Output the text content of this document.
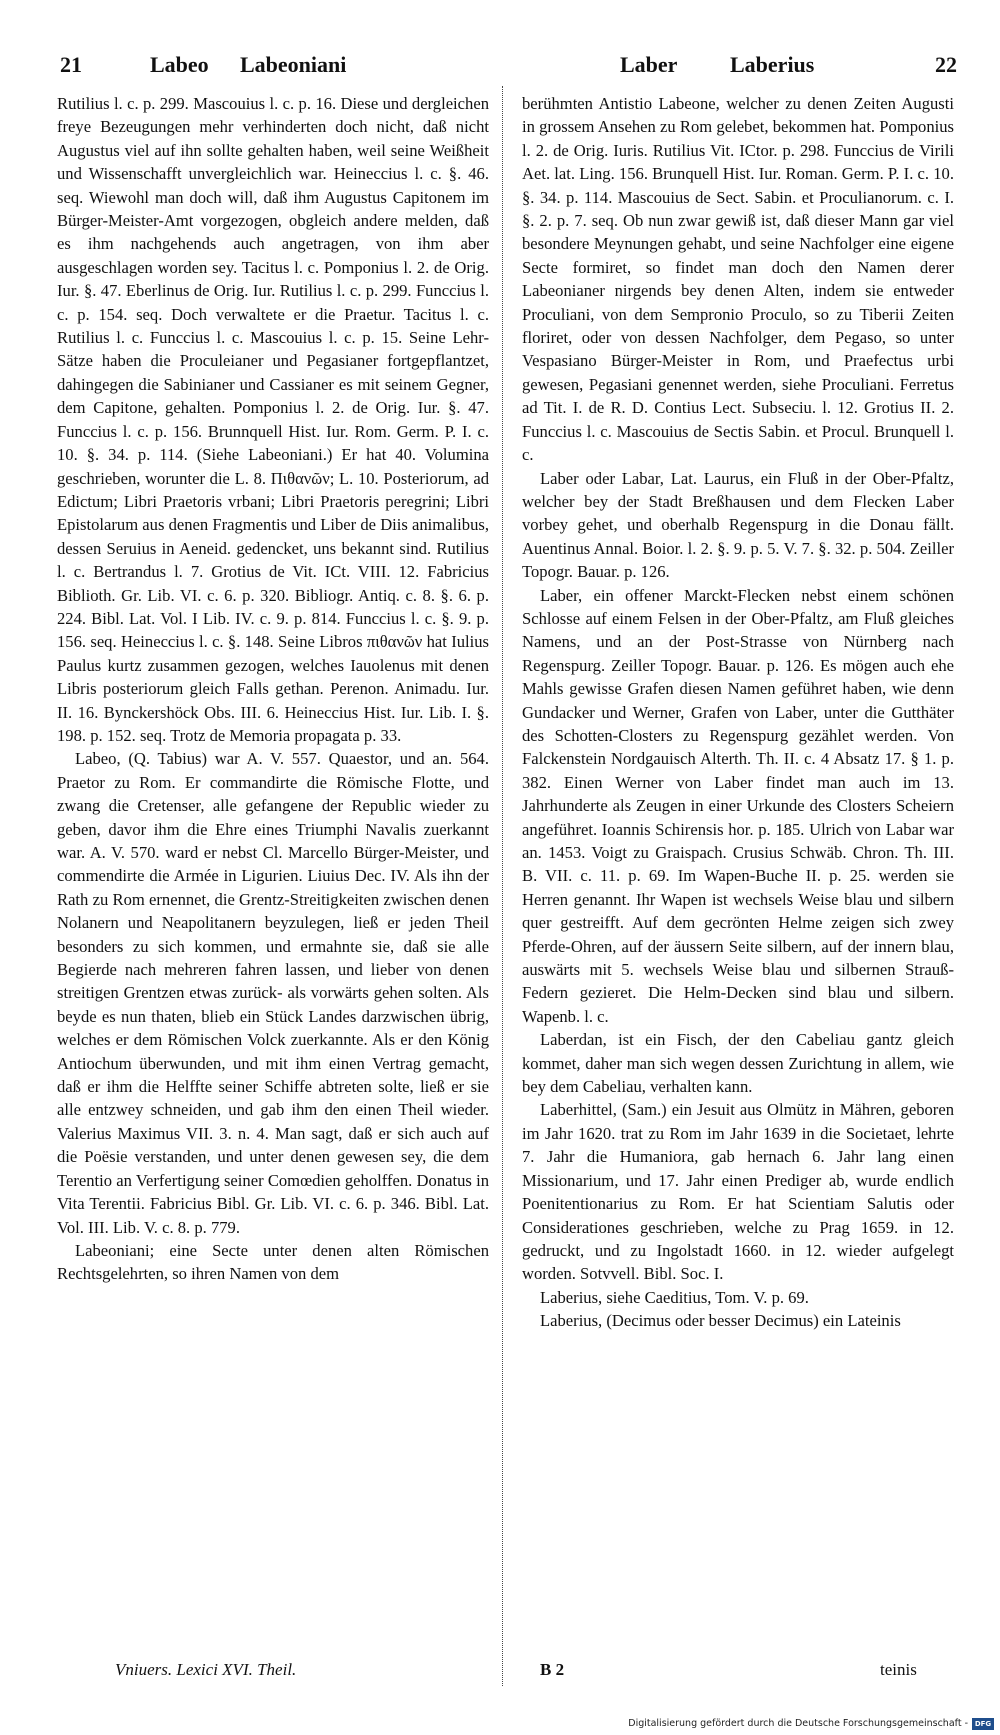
21	Labeo Labeoniani	Laber Laberius	22

Rutilius l. c. p. 299. Mascouius l. c. p. 16. Diese und dergleichen freye Bezeugungen mehr verhinderten doch nicht, daß nicht Augustus viel auf ihn sollte gehalten haben, weil seine Weißheit und Wissenschafft unvergleichlich war. Heineccius l. c. §. 46. seq. Wiewohl man doch will, daß ihm Augustus Capitonem im Bürger-Meister-Amt vorgezogen, obgleich andere melden, daß es ihm nachgehends auch angetragen, von ihm aber ausgeschlagen worden sey. Tacitus l. c. Pomponius l. 2. de Orig. Iur. §. 47. Eberlinus de Orig. Iur. Rutilius l. c. p. 299. Funccius l. c. p. 154. seq. Doch verwaltete er die Praetur. Tacitus l. c. Rutilius l. c. Funccius l. c. Mascouius l. c. p. 15. Seine Lehr-Sätze haben die Proculeianer und Pegasianer fortgepflantzet, dahingegen die Sabinianer und Cassianer es mit seinem Gegner, dem Capitone, gehalten. Pomponius l. 2. de Orig. Iur. §. 47. Funccius l. c. p. 156. Brunnquell Hist. Iur. Rom. Germ. P. I. c. 10. §. 34. p. 114. (Siehe Labeoniani.) Er hat 40. Volumina geschrieben, worunter die L. 8. Πιθανῶν; L. 10. Posteriorum, ad Edictum; Libri Praetoris vrbani; Libri Praetoris peregrini; Libri Epistolarum aus denen Fragmentis und Liber de Diis animalibus, dessen Seruius in Aeneid. gedencket, uns bekannt sind. Rutilius l. c. Bertrandus l. 7. Grotius de Vit. ICt. VIII. 12. Fabricius Biblioth. Gr. Lib. VI. c. 6. p. 320. Bibliogr. Antiq. c. 8. §. 6. p. 224. Bibl. Lat. Vol. I Lib. IV. c. 9. p. 814. Funccius l. c. §. 9. p. 156. seq. Heineccius l. c. §. 148. Seine Libros πιθανῶν hat Iulius Paulus kurtz zusammen gezogen, welches Iauolenus mit denen Libris posteriorum gleich Falls gethan. Perenon. Animadu. Iur. II. 16. Bynckershöck Obs. III. 6. Heineccius Hist. Iur. Lib. I. §. 198. p. 152. seq. Trotz de Memoria propagata p. 33.

Labeo, (Q. Tabius) war A. V. 557. Quaestor, und an. 564. Praetor zu Rom. Er commandirte die Römische Flotte, und zwang die Cretenser, alle gefangene der Republic wieder zu geben, davor ihm die Ehre eines Triumphi Navalis zuerkannt war. A. V. 570. ward er nebst Cl. Marcello Bürger-Meister, und commendirte die Armée in Ligurien. Liuius Dec. IV. Als ihn der Rath zu Rom ernennet, die Grentz-Streitigkeiten zwischen denen Nolanern und Neapolitanern beyzulegen, ließ er jeden Theil besonders zu sich kommen, und ermahnte sie, daß sie alle Begierde nach mehreren fahren lassen, und lieber von denen streitigen Grentzen etwas zurück- als vorwärts gehen solten. Als beyde es nun thaten, blieb ein Stück Landes darzwischen übrig, welches er dem Römischen Volck zuerkannte. Als er den König Antiochum überwunden, und mit ihm einen Vertrag gemacht, daß er ihm die Helffte seiner Schiffe abtreten solte, ließ er sie alle entzwey schneiden, und gab ihm den einen Theil wieder. Valerius Maximus VII. 3. n. 4. Man sagt, daß er sich auch auf die Poësie verstanden, und unter denen gewesen sey, die dem Terentio an Verfertigung seiner Comœdien geholffen. Donatus in Vita Terentii. Fabricius Bibl. Gr. Lib. VI. c. 6. p. 346. Bibl. Lat. Vol. III. Lib. V. c. 8. p. 779.

Labeoniani; eine Secte unter denen alten Römischen Rechtsgelehrten, so ihren Namen von dem

Vniuers. Lexici XVI. Theil.

berühmten Antistio Labeone, welcher zu denen Zeiten Augusti in grossem Ansehen zu Rom gelebet, bekommen hat. Pomponius l. 2. de Orig. Iuris. Rutilius Vit. ICtor. p. 298. Funccius de Virili Aet. lat. Ling. 156. Brunquell Hist. Iur. Roman. Germ. P. I. c. 10. §. 34. p. 114. Mascouius de Sect. Sabin. et Proculianorum. c. I. §. 2. p. 7. seq. Ob nun zwar gewiß ist, daß dieser Mann gar viel besondere Meynungen gehabt, und seine Nachfolger eine eigene Secte formiret, so findet man doch den Namen derer Labeonianer nirgends bey denen Alten, indem sie entweder Proculiani, von dem Sempronio Proculo, so zu Tiberii Zeiten floriret, oder von dessen Nachfolger, dem Pegaso, so unter Vespasiano Bürger-Meister in Rom, und Praefectus urbi gewesen, Pegasiani genennet werden, siehe Proculiani. Ferretus ad Tit. I. de R. D. Contius Lect. Subseciu. l. 12. Grotius II. 2. Funccius l. c. Mascouius de Sectis Sabin. et Procul. Brunquell l. c.

Laber oder Labar, Lat. Laurus, ein Fluß in der Ober-Pfaltz, welcher bey der Stadt Breßhausen und dem Flecken Laber vorbey gehet, und oberhalb Regenspurg in die Donau fällt. Auentinus Annal. Boior. l. 2. §. 9. p. 5. V. 7. §. 32. p. 504. Zeiller Topogr. Bauar. p. 126.

Laber, ein offener Marckt-Flecken nebst einem schönen Schlosse auf einem Felsen in der Ober-Pfaltz, am Fluß gleiches Namens, und an der Post-Strasse von Nürnberg nach Regenspurg. Zeiller Topogr. Bauar. p. 126. Es mögen auch ehe Mahls gewisse Grafen diesen Namen geführet haben, wie denn Gundacker und Werner, Grafen von Laber, unter die Gutthäter des Schotten-Closters zu Regenspurg gezählet werden. Von Falckenstein Nordgauisch Alterth. Th. II. c. 4 Absatz 17. § 1. p. 382. Einen Werner von Laber findet man auch im 13. Jahrhunderte als Zeugen in einer Urkunde des Closters Scheiern angeführet. Ioannis Schirensis hor. p. 185. Ulrich von Labar war an. 1453. Voigt zu Graispach. Crusius Schwäb. Chron. Th. III. B. VII. c. 11. p. 69. Im Wapen-Buche II. p. 25. werden sie Herren genannt. Ihr Wapen ist wechsels Weise blau und silbern quer gestreifft. Auf dem gecrönten Helme zeigen sich zwey Pferde-Ohren, auf der äussern Seite silbern, auf der innern blau, auswärts mit 5. wechsels Weise blau und silbernen Strauß-Federn gezieret. Die Helm-Decken sind blau und silbern. Wapenb. l. c.

Laberdan, ist ein Fisch, der den Cabeliau gantz gleich kommet, daher man sich wegen dessen Zurichtung in allem, wie bey dem Cabeliau, verhalten kann.

Laberhittel, (Sam.) ein Jesuit aus Olmütz in Mähren, geboren im Jahr 1620. trat zu Rom im Jahr 1639 in die Societaet, lehrte 7. Jahr die Humaniora, gab hernach 6. Jahr lang einen Missionarium, und 17. Jahr einen Prediger ab, wurde endlich Poenitentionarius zu Rom. Er hat Scientiam Salutis oder Considerationes geschrieben, welche zu Prag 1659. in 12. gedruckt, und zu Ingolstadt 1660. in 12. wieder aufgelegt worden. Sotvvell. Bibl. Soc. I.

Laberius, siehe Caeditius, Tom. V. p. 69.

Laberius, (Decimus oder besser Decimus) ein Lateinis

B 2	teinis
Digitalisierung gefördert durch die Deutsche Forschungsgemeinschaft - DFG
